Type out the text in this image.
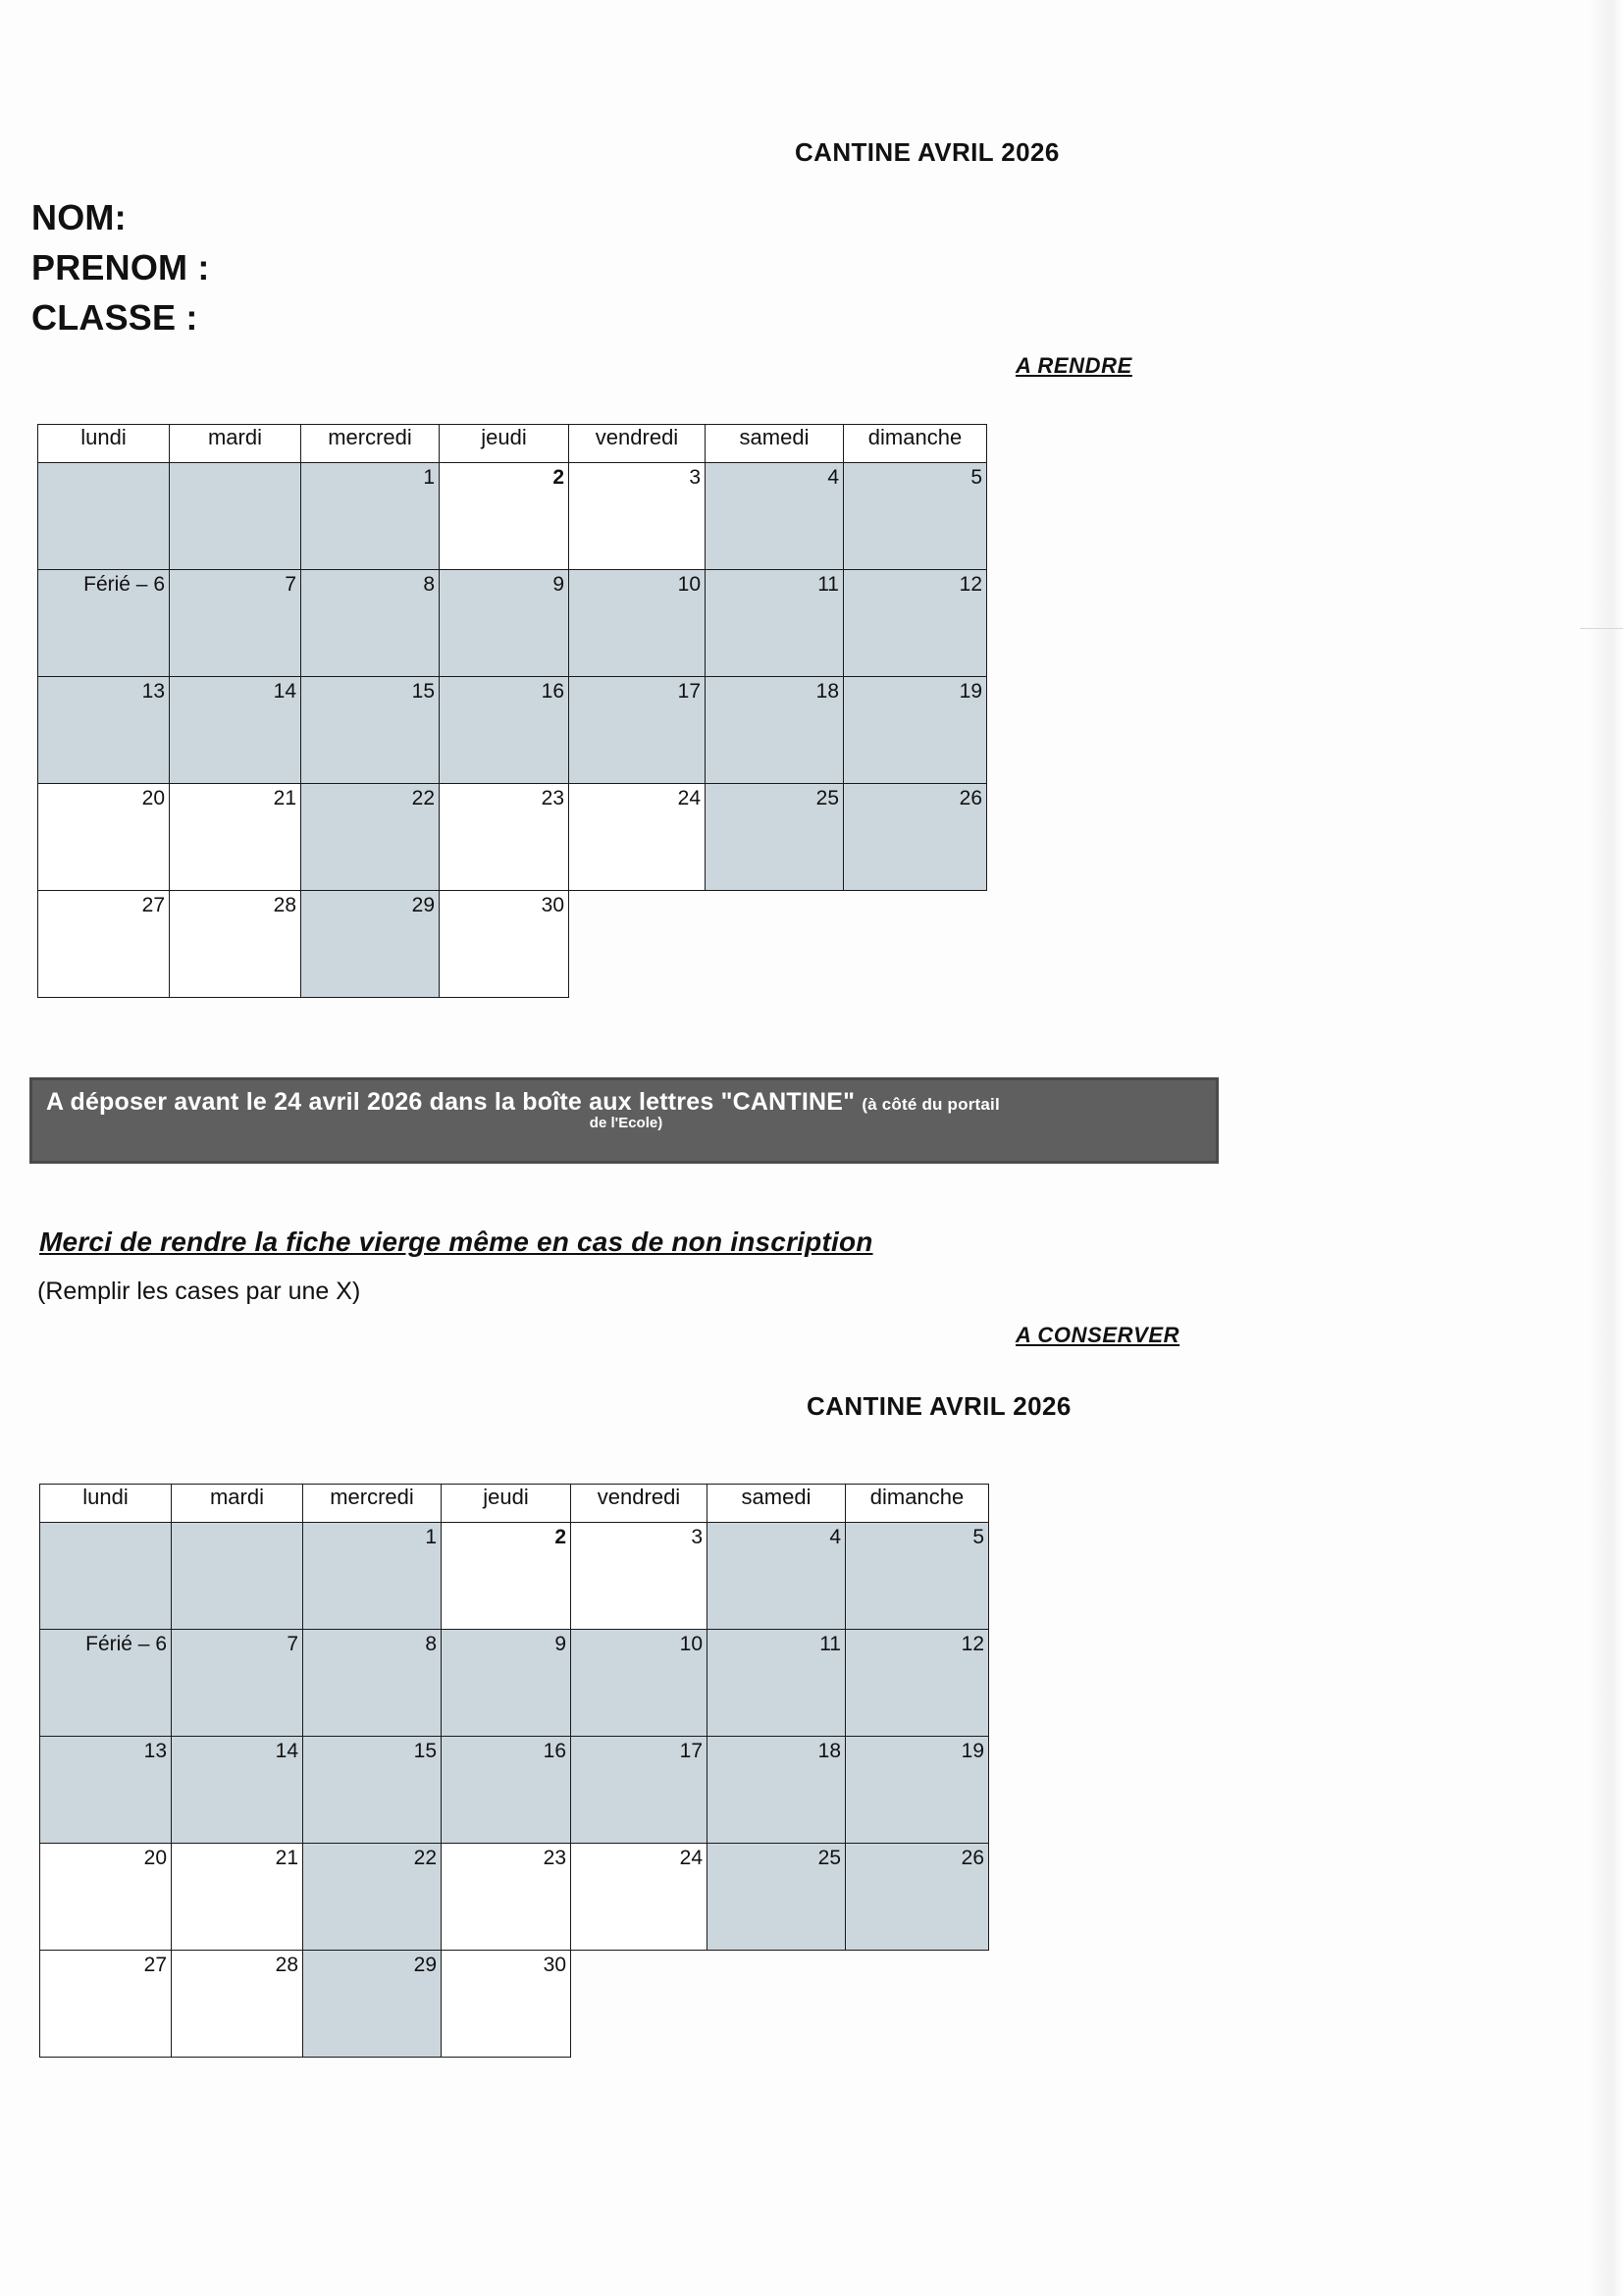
CANTINE AVRIL 2026
NOM:
PRENOM :
CLASSE :
A RENDRE
lundi	mardi	mercredi	jeudi	vendredi	samedi	dimanche

		1	2	3	4	5

Férié – 6	7	8	9	10	11	12

13	14	15	16	17	18	19

20	21	22	23	24	25	26

27	28	29	30			

A déposer avant le 24 avril 2026 dans la boîte aux lettres "CANTINE" (à côté du portail
de l'Ecole)
Merci de rendre la fiche vierge même en cas de non inscription
(Remplir les cases par une X)
A CONSERVER
CANTINE AVRIL 2026
lundi	mardi	mercredi	jeudi	vendredi	samedi	dimanche

		1	2	3	4	5

Férié – 6	7	8	9	10	11	12

13	14	15	16	17	18	19

20	21	22	23	24	25	26

27	28	29	30			
